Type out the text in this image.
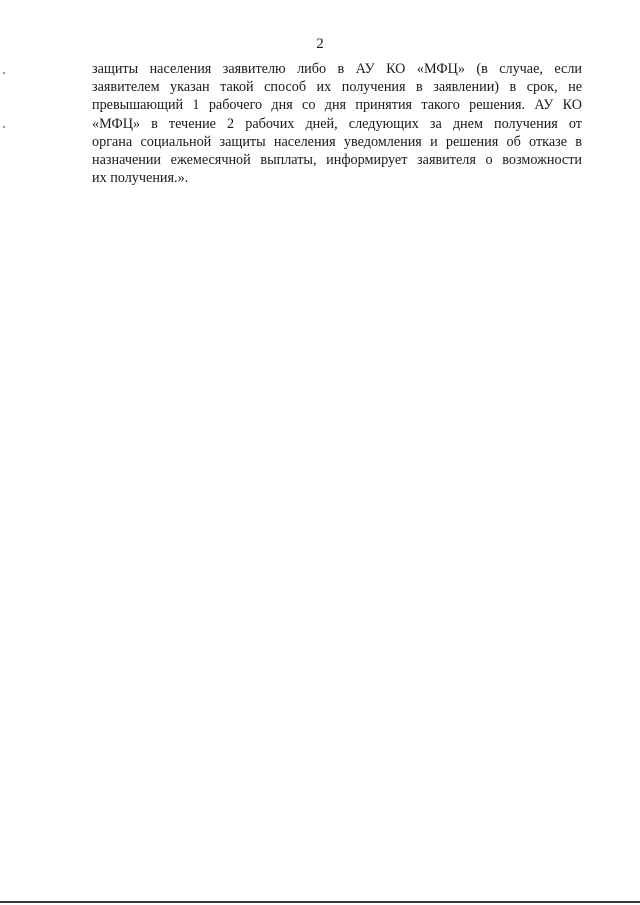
2
защиты населения заявителю либо в АУ КО «МФЦ» (в случае, если
заявителем указан такой способ их получения в заявлении) в срок, не
превышающий 1 рабочего дня со дня принятия такого решения. АУ КО
«МФЦ» в течение 2 рабочих дней, следующих за днем получения от
органа социальной защиты населения уведомления и решения об отказе в
назначении ежемесячной выплаты, информирует заявителя о возможности
их получения.».
